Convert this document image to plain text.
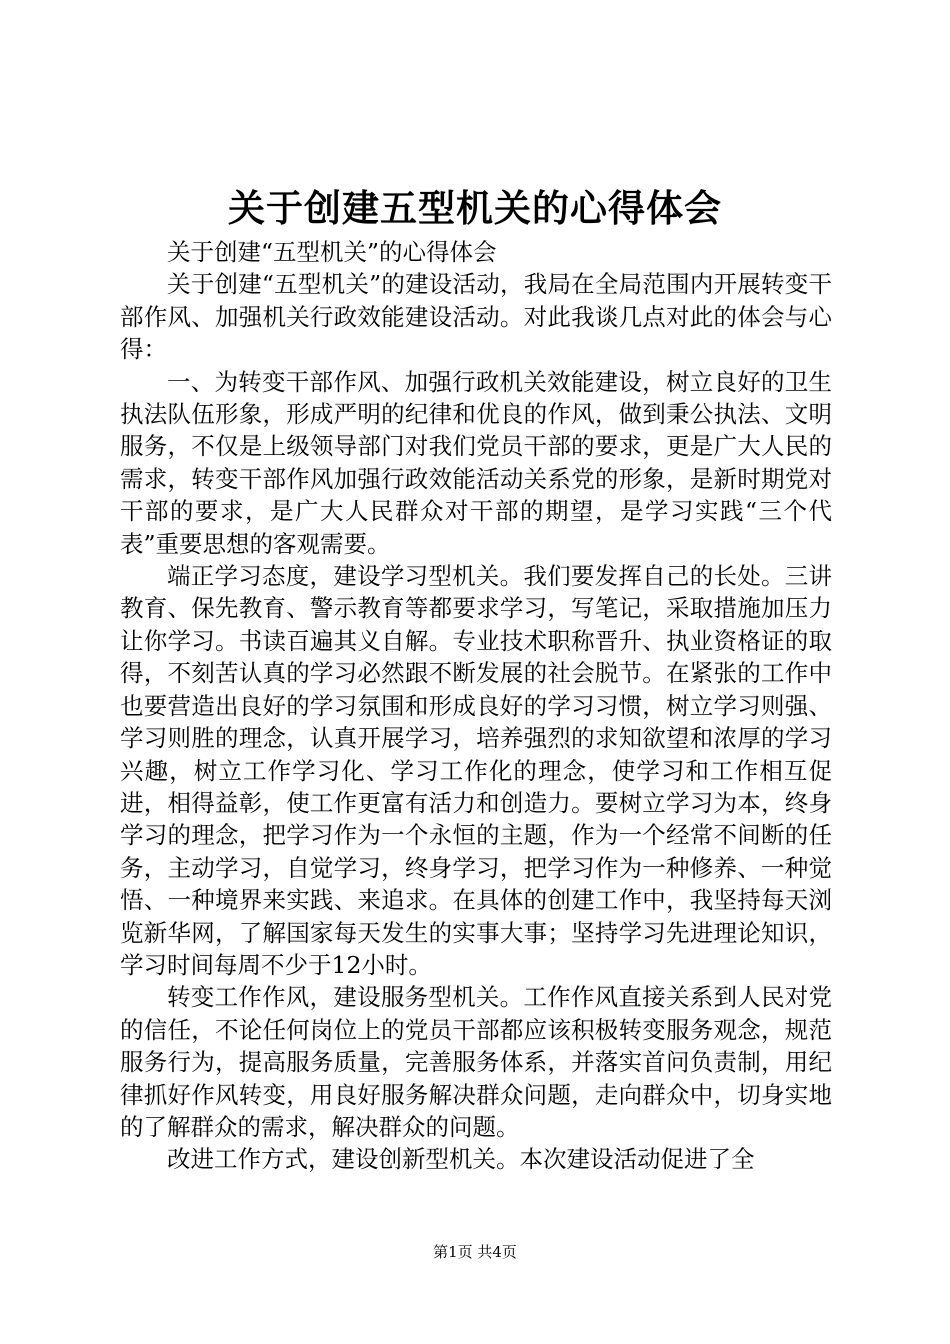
关于创建五型机关的心得体会

关于创建“五型机关”的心得体会

关于创建“五型机关”的建设活动，我局在全局范围内开展转变干部作风、加强机关行政效能建设活动。对此我谈几点对此的体会与心得：

一、为转变干部作风、加强行政机关效能建设，树立良好的卫生执法队伍形象，形成严明的纪律和优良的作风，做到秉公执法、文明服务，不仅是上级领导部门对我们党员干部的要求，更是广大人民的需求，转变干部作风加强行政效能活动关系党的形象，是新时期党对干部的要求，是广大人民群众对干部的期望，是学习实践“三个代表”重要思想的客观需要。

端正学习态度，建设学习型机关。我们要发挥自己的长处。三讲教育、保先教育、警示教育等都要求学习，写笔记，采取措施加压力让你学习。书读百遍其义自解。专业技术职称晋升、执业资格证的取得，不刻苦认真的学习必然跟不断发展的社会脱节。在紧张的工作中也要营造出良好的学习氛围和形成良好的学习习惯，树立学习则强、学习则胜的理念，认真开展学习，培养强烈的求知欲望和浓厚的学习兴趣，树立工作学习化、学习工作化的理念，使学习和工作相互促进，相得益彰，使工作更富有活力和创造力。要树立学习为本，终身学习的理念，把学习作为一个永恒的主题，作为一个经常不间断的任务，主动学习，自觉学习，终身学习，把学习作为一种修养、一种觉悟、一种境界来实践、来追求。在具体的创建工作中，我坚持每天浏览新华网，了解国家每天发生的实事大事；坚持学习先进理论知识，学习时间每周不少于12小时。

转变工作作风，建设服务型机关。工作作风直接关系到人民对党的信任，不论任何岗位上的党员干部都应该积极转变服务观念，规范服务行为，提高服务质量，完善服务体系，并落实首问负责制，用纪律抓好作风转变，用良好服务解决群众问题，走向群众中，切身实地的了解群众的需求，解决群众的问题。

改进工作方式，建设创新型机关。本次建设活动促进了全

第1页 共4页
